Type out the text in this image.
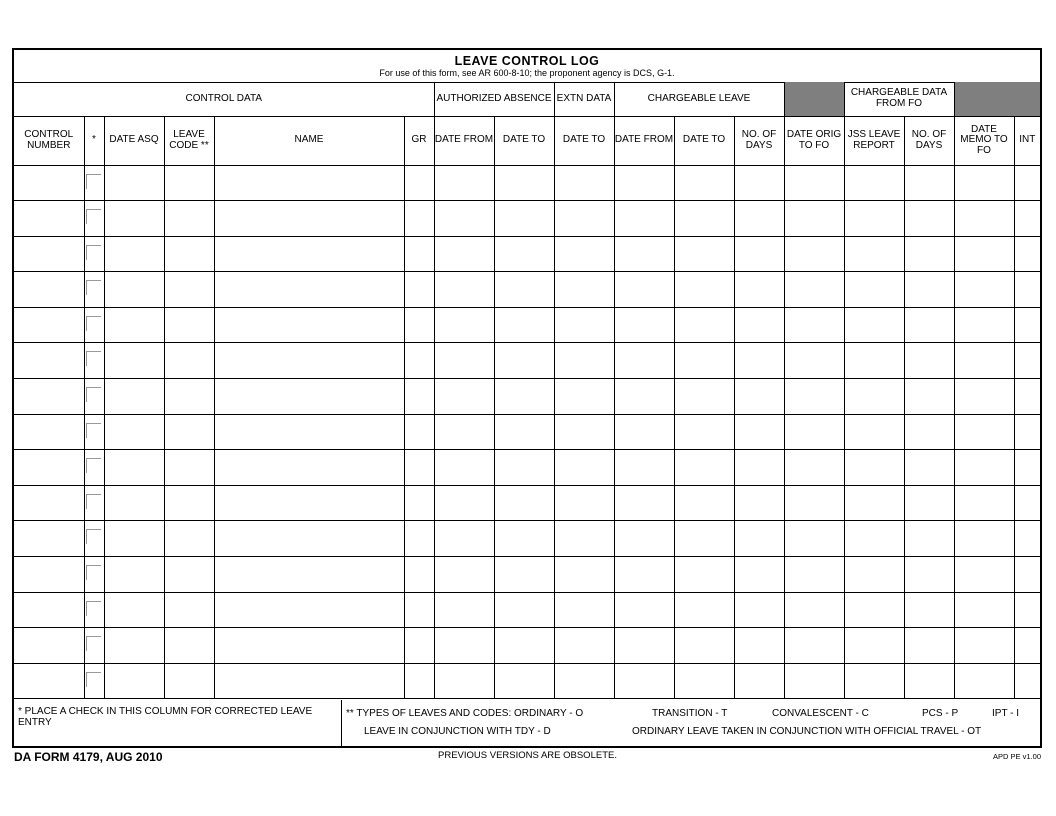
LEAVE CONTROL LOG
For use of this form, see AR 600-8-10; the proponent agency is DCS, G-1.
CONTROL DATA						AUTHORIZED ABSENCE		EXTN DATA	CHARGEABLE LEAVE				CHARGEABLE DATA FROM FO			
CONTROL NUMBER	*	DATE ASQ	LEAVE CODE **	NAME	GR	DATE FROM	DATE TO	DATE TO	DATE FROM	DATE TO	NO. OF DAYS	DATE ORIG TO FO	JSS LEAVE REPORT	NO. OF DAYS	DATE MEMO TO FO	INT

* PLACE A CHECK IN THIS COLUMN FOR CORRECTED LEAVE ENTRY
** TYPES OF LEAVES AND CODES: ORDINARY - O	TRANSITION - T	CONVALESCENT - C	PCS - P	IPT - I
LEAVE IN CONJUNCTION WITH TDY - D	ORDINARY LEAVE TAKEN IN CONJUNCTION WITH OFFICIAL TRAVEL - OT
DA FORM 4179, AUG 2010	PREVIOUS VERSIONS ARE OBSOLETE.	APD PE v1.00
